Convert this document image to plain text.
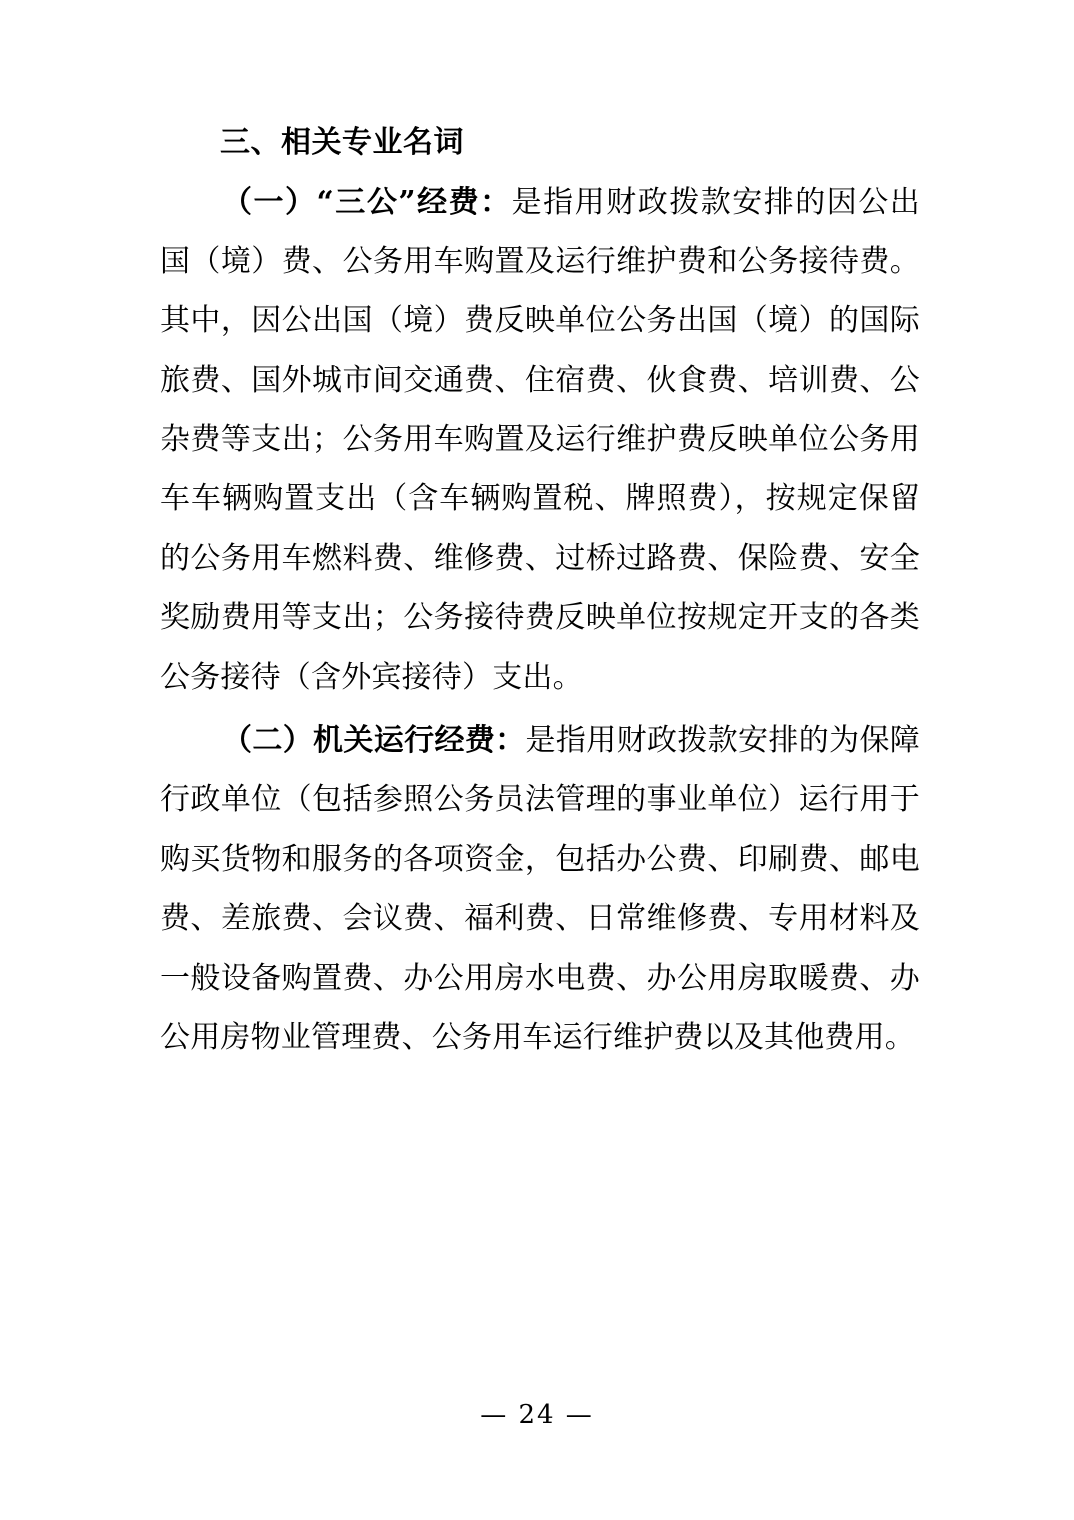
三、相关专业名词

（一）“三公”经费：是指用财政拨款安排的因公出国（境）费、公务用车购置及运行维护费和公务接待费。其中，因公出国（境）费反映单位公务出国（境）的国际旅费、国外城市间交通费、住宿费、伙食费、培训费、公杂费等支出；公务用车购置及运行维护费反映单位公务用车车辆购置支出（含车辆购置税、牌照费），按规定保留的公务用车燃料费、维修费、过桥过路费、保险费、安全奖励费用等支出；公务接待费反映单位按规定开支的各类公务接待（含外宾接待）支出。

（二）机关运行经费：是指用财政拨款安排的为保障行政单位（包括参照公务员法管理的事业单位）运行用于购买货物和服务的各项资金，包括办公费、印刷费、邮电费、差旅费、会议费、福利费、日常维修费、专用材料及一般设备购置费、办公用房水电费、办公用房取暖费、办公用房物业管理费、公务用车运行维护费以及其他费用。

— 24 —
